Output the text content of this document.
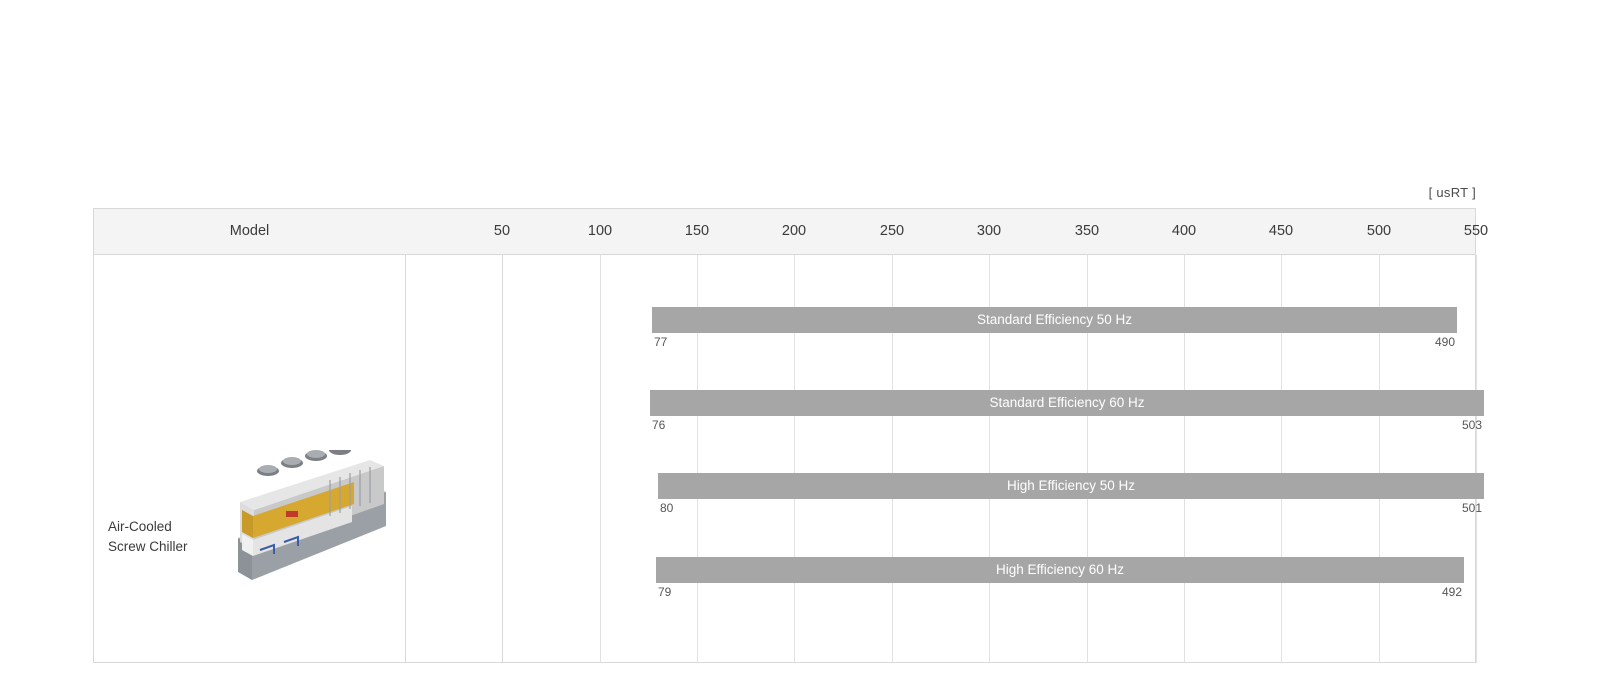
[ usRT ]
Model	50	100	150	200	250	300	350	400	450	500	550
Air-Cooled
Screw Chiller
Standard Efficiency 50 Hz
77	490
Standard Efficiency 60 Hz
76	503
High Efficiency 50 Hz
80	501
High Efficiency 60 Hz
79	492
